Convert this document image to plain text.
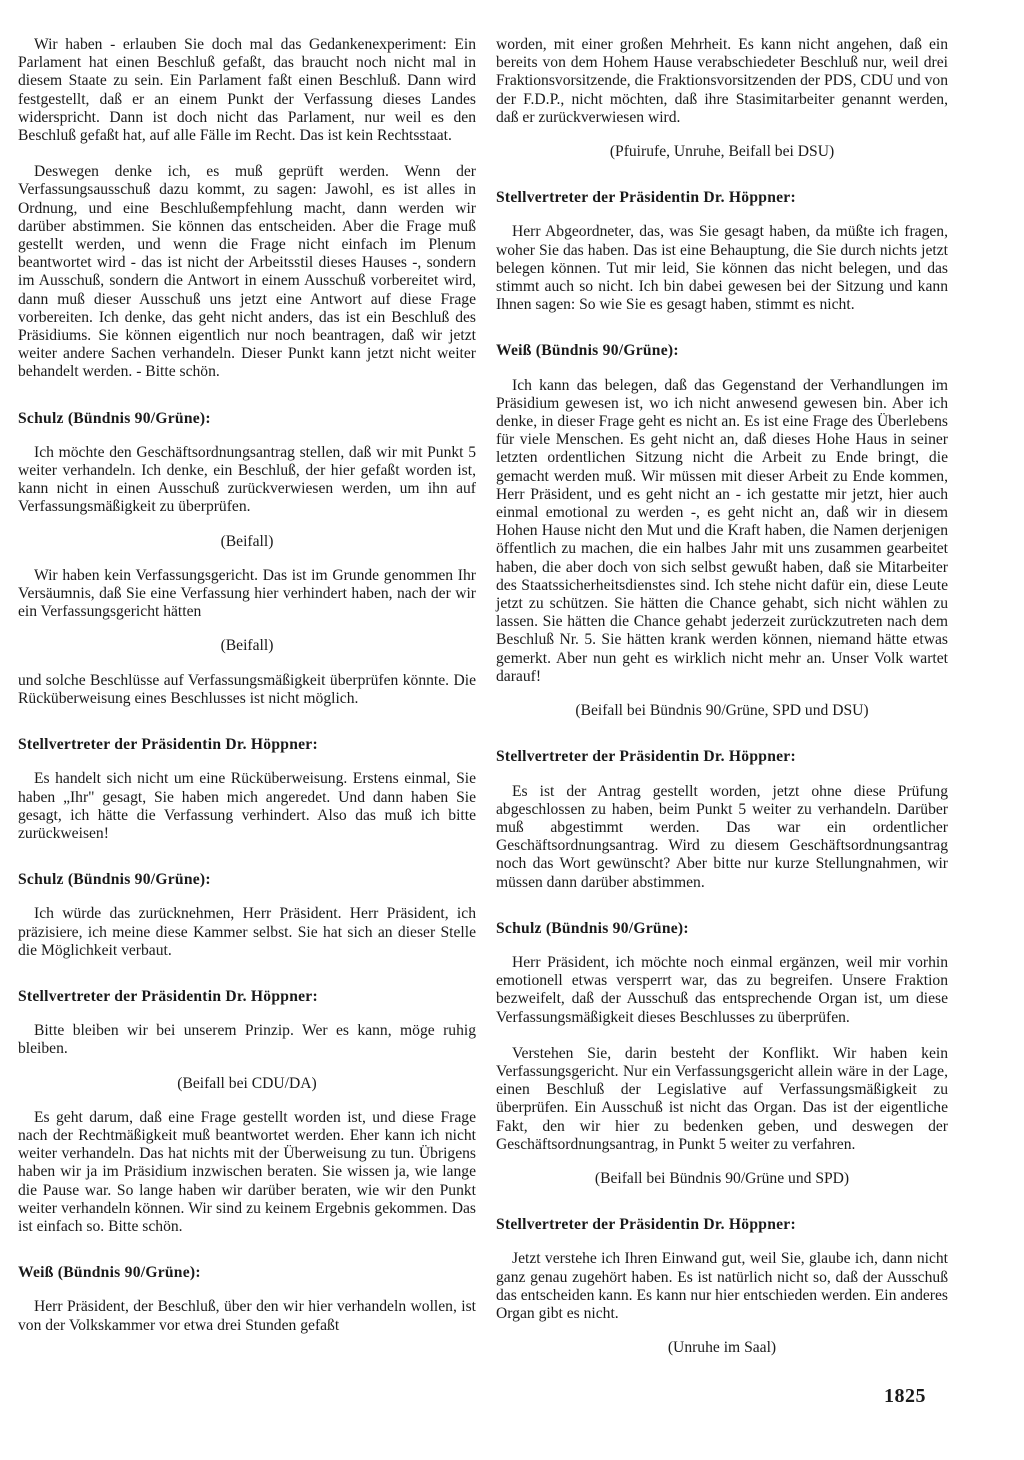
Wir haben - erlauben Sie doch mal das Gedankenexperiment: Ein Parlament hat einen Beschluß gefaßt, das braucht noch nicht mal in diesem Staate zu sein. Ein Parlament faßt einen Beschluß. Dann wird festgestellt, daß er an einem Punkt der Verfassung dieses Landes widerspricht. Dann ist doch nicht das Parlament, nur weil es den Beschluß gefaßt hat, auf alle Fälle im Recht. Das ist kein Rechtsstaat.

Deswegen denke ich, es muß geprüft werden. Wenn der Verfassungsausschuß dazu kommt, zu sagen: Jawohl, es ist alles in Ordnung, und eine Beschlußempfehlung macht, dann werden wir darüber abstimmen. Sie können das entscheiden. Aber die Frage muß gestellt werden, und wenn die Frage nicht einfach im Plenum beantwortet wird - das ist nicht der Arbeitsstil dieses Hauses -, sondern im Ausschuß, sondern die Antwort in einem Ausschuß vorbereitet wird, dann muß dieser Ausschuß uns jetzt eine Antwort auf diese Frage vorbereiten. Ich denke, das geht nicht anders, das ist ein Beschluß des Präsidiums. Sie können eigentlich nur noch beantragen, daß wir jetzt weiter andere Sachen verhandeln. Dieser Punkt kann jetzt nicht weiter behandelt werden. - Bitte schön.

Schulz (Bündnis 90/Grüne):

Ich möchte den Geschäftsordnungsantrag stellen, daß wir mit Punkt 5 weiter verhandeln. Ich denke, ein Beschluß, der hier gefaßt worden ist, kann nicht in einen Ausschuß zurückverwiesen werden, um ihn auf Verfassungsmäßigkeit zu überprüfen.

(Beifall)

Wir haben kein Verfassungsgericht. Das ist im Grunde genommen Ihr Versäumnis, daß Sie eine Verfassung hier verhindert haben, nach der wir ein Verfassungsgericht hätten

(Beifall)

und solche Beschlüsse auf Verfassungsmäßigkeit überprüfen könnte. Die Rücküberweisung eines Beschlusses ist nicht möglich.

Stellvertreter der Präsidentin Dr. Höppner:

Es handelt sich nicht um eine Rücküberweisung. Erstens einmal, Sie haben „Ihr" gesagt, Sie haben mich angeredet. Und dann haben Sie gesagt, ich hätte die Verfassung verhindert. Also das muß ich bitte zurückweisen!

Schulz (Bündnis 90/Grüne):

Ich würde das zurücknehmen, Herr Präsident. Herr Präsident, ich präzisiere, ich meine diese Kammer selbst. Sie hat sich an dieser Stelle die Möglichkeit verbaut.

Stellvertreter der Präsidentin Dr. Höppner:

Bitte bleiben wir bei unserem Prinzip. Wer es kann, möge ruhig bleiben.

(Beifall bei CDU/DA)

Es geht darum, daß eine Frage gestellt worden ist, und diese Frage nach der Rechtmäßigkeit muß beantwortet werden. Eher kann ich nicht weiter verhandeln. Das hat nichts mit der Überweisung zu tun. Übrigens haben wir ja im Präsidium inzwischen beraten. Sie wissen ja, wie lange die Pause war. So lange haben wir darüber beraten, wie wir den Punkt weiter verhandeln können. Wir sind zu keinem Ergebnis gekommen. Das ist einfach so. Bitte schön.

Weiß (Bündnis 90/Grüne):

Herr Präsident, der Beschluß, über den wir hier verhandeln wollen, ist von der Volkskammer vor etwa drei Stunden gefaßt

worden, mit einer großen Mehrheit. Es kann nicht angehen, daß ein bereits von dem Hohem Hause verabschiedeter Beschluß nur, weil drei Fraktionsvorsitzende, die Fraktionsvorsitzenden der PDS, CDU und von der F.D.P., nicht möchten, daß ihre Stasimitarbeiter genannt werden, daß er zurückverwiesen wird.

(Pfuirufe, Unruhe, Beifall bei DSU)

Stellvertreter der Präsidentin Dr. Höppner:

Herr Abgeordneter, das, was Sie gesagt haben, da müßte ich fragen, woher Sie das haben. Das ist eine Behauptung, die Sie durch nichts jetzt belegen können. Tut mir leid, Sie können das nicht belegen, und das stimmt auch so nicht. Ich bin dabei gewesen bei der Sitzung und kann Ihnen sagen: So wie Sie es gesagt haben, stimmt es nicht.

Weiß (Bündnis 90/Grüne):

Ich kann das belegen, daß das Gegenstand der Verhandlungen im Präsidium gewesen ist, wo ich nicht anwesend gewesen bin. Aber ich denke, in dieser Frage geht es nicht an. Es ist eine Frage des Überlebens für viele Menschen. Es geht nicht an, daß dieses Hohe Haus in seiner letzten ordentlichen Sitzung nicht die Arbeit zu Ende bringt, die gemacht werden muß. Wir müssen mit dieser Arbeit zu Ende kommen, Herr Präsident, und es geht nicht an - ich gestatte mir jetzt, hier auch einmal emotional zu werden -, es geht nicht an, daß wir in diesem Hohen Hause nicht den Mut und die Kraft haben, die Namen derjenigen öffentlich zu machen, die ein halbes Jahr mit uns zusammen gearbeitet haben, die aber doch von sich selbst gewußt haben, daß sie Mitarbeiter des Staatssicherheitsdienstes sind. Ich stehe nicht dafür ein, diese Leute jetzt zu schützen. Sie hätten die Chance gehabt, sich nicht wählen zu lassen. Sie hätten die Chance gehabt jederzeit zurückzutreten nach dem Beschluß Nr. 5. Sie hätten krank werden können, niemand hätte etwas gemerkt. Aber nun geht es wirklich nicht mehr an. Unser Volk wartet darauf!

(Beifall bei Bündnis 90/Grüne, SPD und DSU)

Stellvertreter der Präsidentin Dr. Höppner:

Es ist der Antrag gestellt worden, jetzt ohne diese Prüfung abgeschlossen zu haben, beim Punkt 5 weiter zu verhandeln. Darüber muß abgestimmt werden. Das war ein ordentlicher Geschäftsordnungsantrag. Wird zu diesem Geschäftsordnungsantrag noch das Wort gewünscht? Aber bitte nur kurze Stellungnahmen, wir müssen dann darüber abstimmen.

Schulz (Bündnis 90/Grüne):

Herr Präsident, ich möchte noch einmal ergänzen, weil mir vorhin emotionell etwas versperrt war, das zu begreifen. Unsere Fraktion bezweifelt, daß der Ausschuß das entsprechende Organ ist, um diese Verfassungsmäßigkeit dieses Beschlusses zu überprüfen.

Verstehen Sie, darin besteht der Konflikt. Wir haben kein Verfassungsgericht. Nur ein Verfassungsgericht allein wäre in der Lage, einen Beschluß der Legislative auf Verfassungsmäßigkeit zu überprüfen. Ein Ausschuß ist nicht das Organ. Das ist der eigentliche Fakt, den wir hier zu bedenken geben, und deswegen der Geschäftsordnungsantrag, in Punkt 5 weiter zu verfahren.

(Beifall bei Bündnis 90/Grüne und SPD)

Stellvertreter der Präsidentin Dr. Höppner:

Jetzt verstehe ich Ihren Einwand gut, weil Sie, glaube ich, dann nicht ganz genau zugehört haben. Es ist natürlich nicht so, daß der Ausschuß das entscheiden kann. Es kann nur hier entschieden werden. Ein anderes Organ gibt es nicht.

(Unruhe im Saal)

1825
